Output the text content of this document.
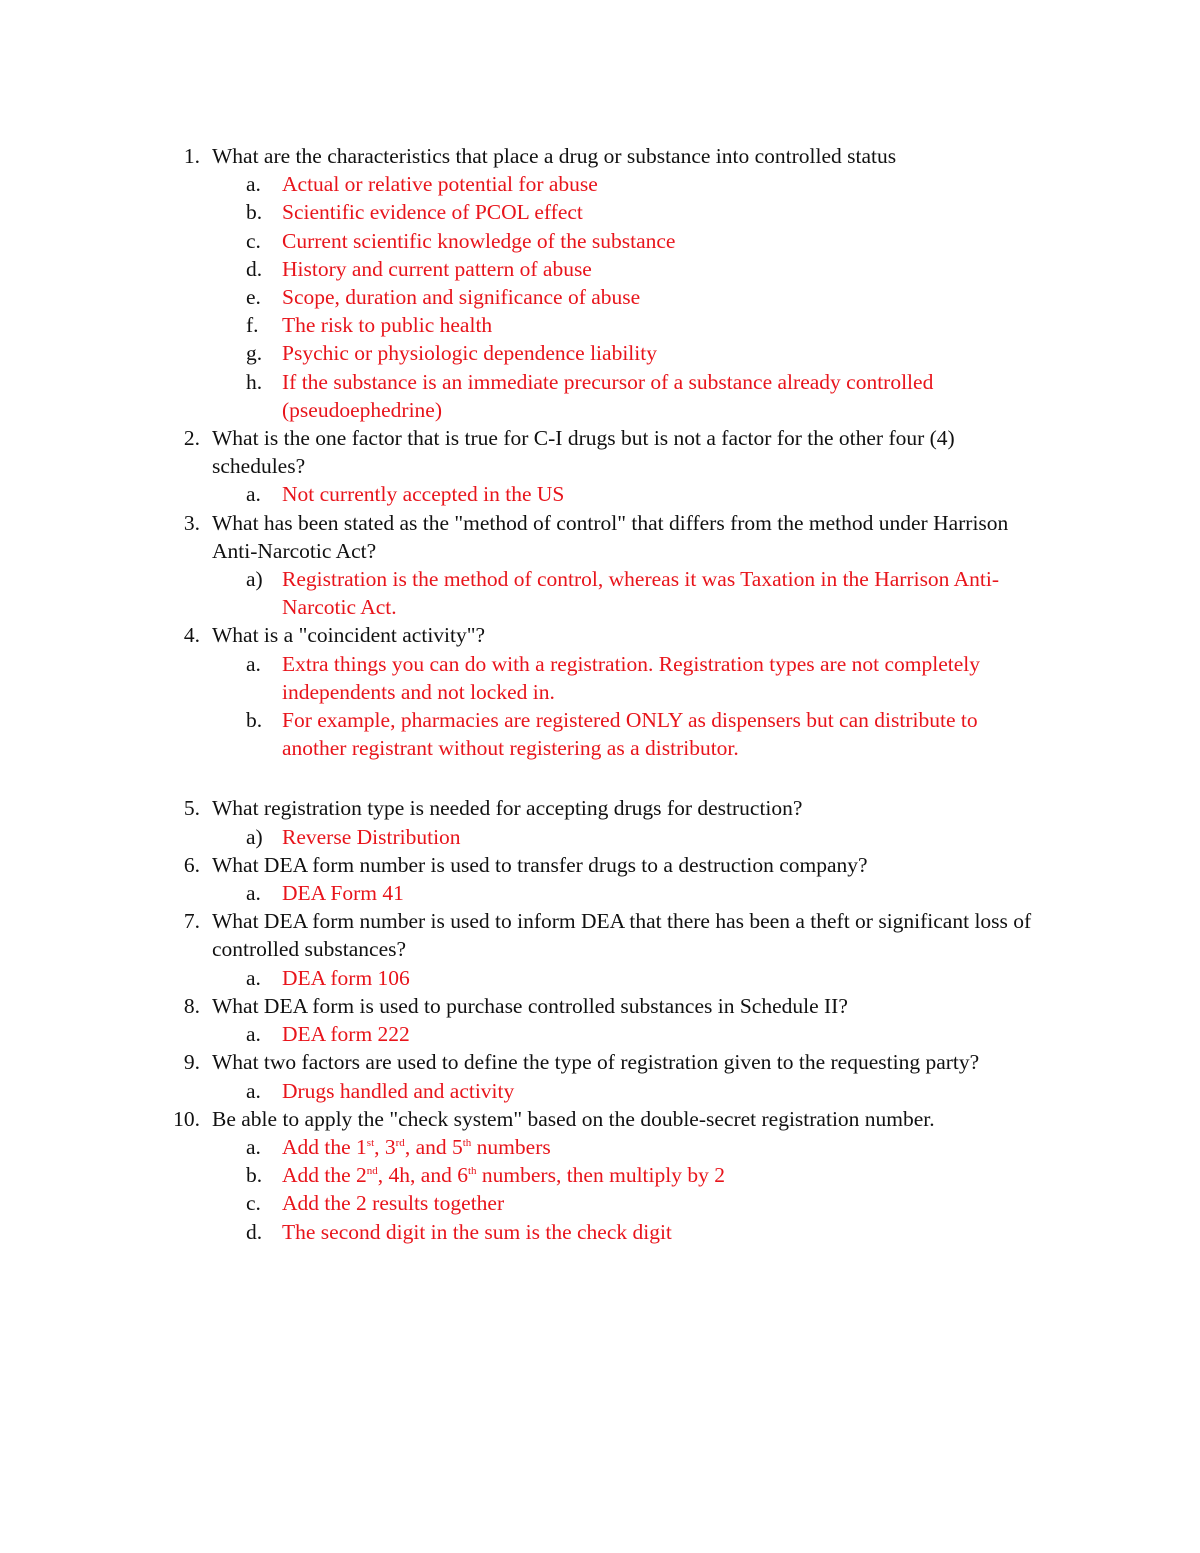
1. What are the characteristics that place a drug or substance into controlled status
a. Actual or relative potential for abuse
b. Scientific evidence of PCOL effect
c. Current scientific knowledge of the substance
d. History and current pattern of abuse
e. Scope, duration and significance of abuse
f.	The risk to public health
g. Psychic or physiologic dependence liability
h. If the substance is an immediate precursor of a substance already controlled (pseudoephedrine)
2. What is the one factor that is true for C-I drugs but is not a factor for the other four (4) schedules?
a. Not currently accepted in the US
3. What has been stated as the "method of control" that differs from the method under Harrison Anti-Narcotic Act?
a) Registration is the method of control, whereas it was Taxation in the Harrison Anti-Narcotic Act.
4. What is a "coincident activity"?
a. Extra things you can do with a registration. Registration types are not completely independents and not locked in.
b. For example, pharmacies are registered ONLY as dispensers but can distribute to another registrant without registering as a distributor.
5. What registration type is needed for accepting drugs for destruction?
a) Reverse Distribution
6. What DEA form number is used to transfer drugs to a destruction company?
a. DEA Form 41
7. What DEA form number is used to inform DEA that there has been a theft or significant loss of controlled substances?
a. DEA form 106
8. What DEA form is used to purchase controlled substances in Schedule II?
a. DEA form 222
9. What two factors are used to define the type of registration given to the requesting party?
a. Drugs handled and activity
10. Be able to apply the "check system" based on the double-secret registration number.
a. Add the 1st, 3rd, and 5th numbers
b. Add the 2nd, 4h, and 6th numbers, then multiply by 2
c. Add the 2 results together
d. The second digit in the sum is the check digit
